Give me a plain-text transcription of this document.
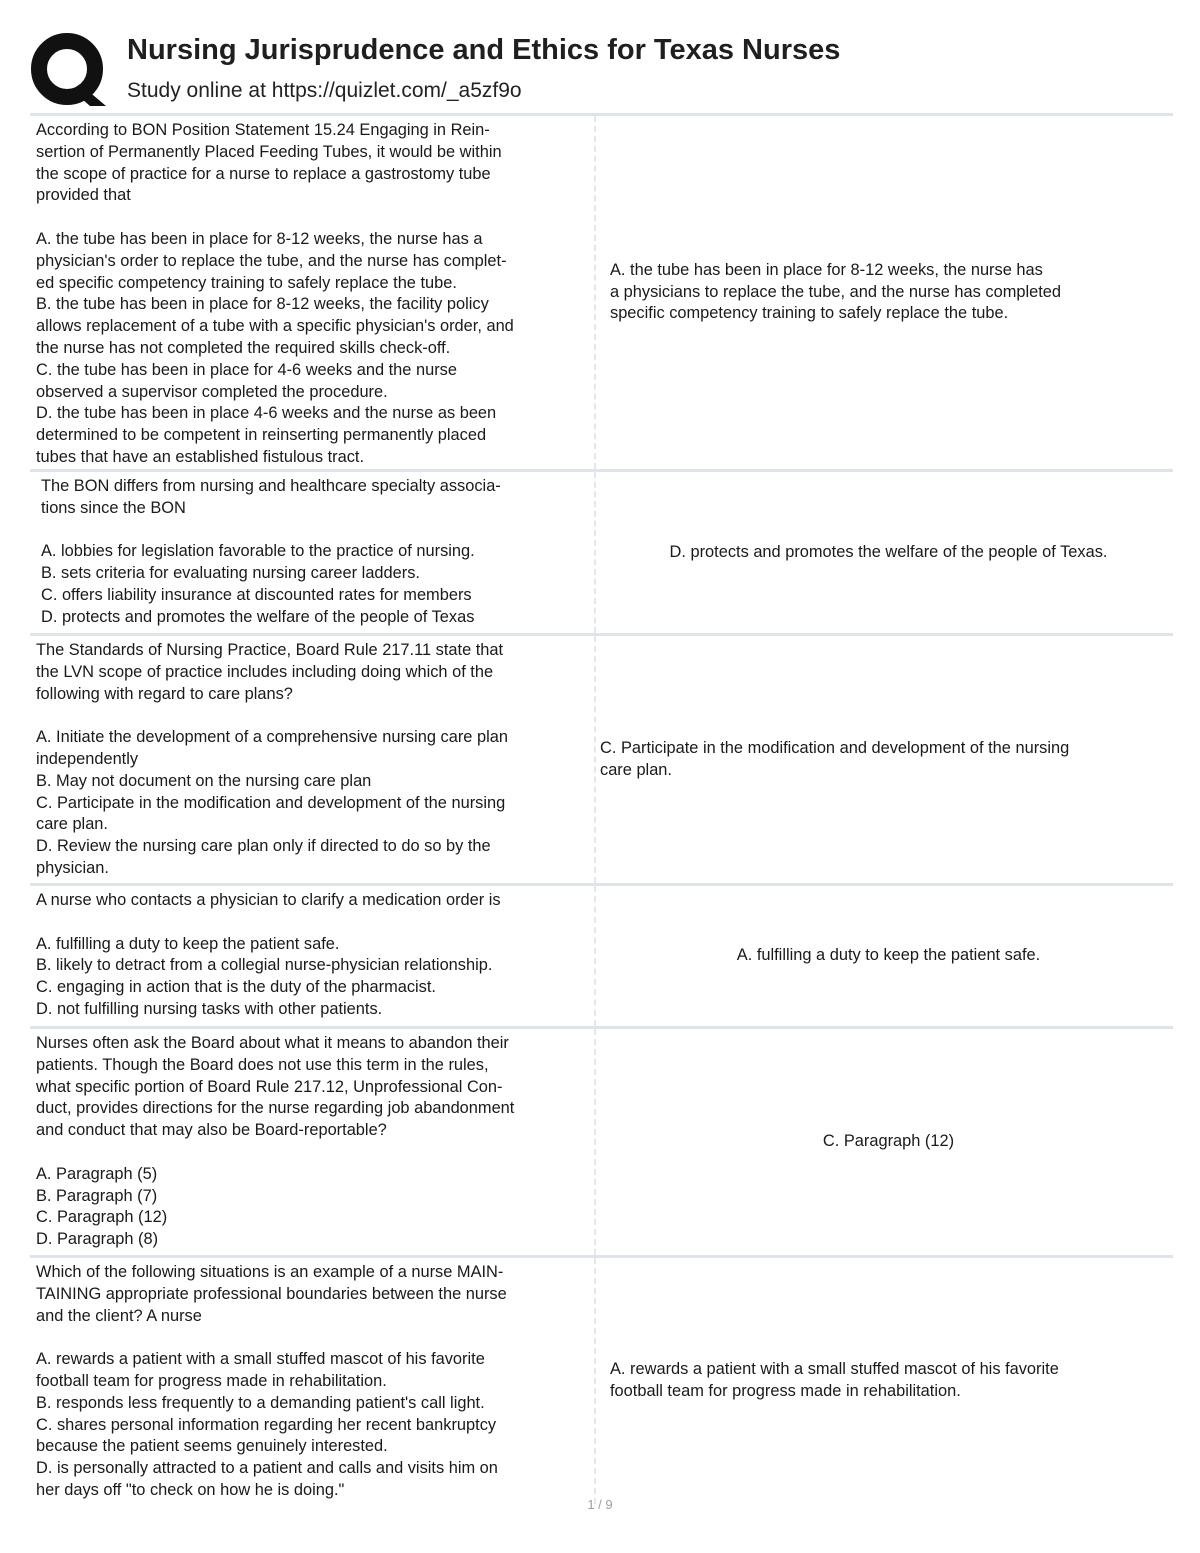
Nursing Jurisprudence and Ethics for Texas Nurses
Study online at https://quizlet.com/_a5zf9o
According to BON Position Statement 15.24 Engaging in Rein-
sertion of Permanently Placed Feeding Tubes, it would be within
the scope of practice for a nurse to replace a gastrostomy tube
provided that

A. the tube has been in place for 8-12 weeks, the nurse has a
physician's order to replace the tube, and the nurse has complet-
ed specific competency training to safely replace the tube.
B. the tube has been in place for 8-12 weeks, the facility policy
allows replacement of a tube with a specific physician's order, and
the nurse has not completed the required skills check-off.
C. the tube has been in place for 4-6 weeks and the nurse
observed a supervisor completed the procedure.
D. the tube has been in place 4-6 weeks and the nurse as been
determined to be competent in reinserting permanently placed
tubes that have an established fistulous tract.
A. the tube has been in place for 8-12 weeks, the nurse has
a physicians to replace the tube, and the nurse has completed
specific competency training to safely replace the tube.
The BON differs from nursing and healthcare specialty associa-
tions since the BON

A. lobbies for legislation favorable to the practice of nursing.
B. sets criteria for evaluating nursing career ladders.
C. offers liability insurance at discounted rates for members
D. protects and promotes the welfare of the people of Texas
D. protects and promotes the welfare of the people of Texas.
The Standards of Nursing Practice, Board Rule 217.11 state that
the LVN scope of practice includes including doing which of the
following with regard to care plans?

A. Initiate the development of a comprehensive nursing care plan
independently
B. May not document on the nursing care plan
C. Participate in the modification and development of the nursing
care plan.
D. Review the nursing care plan only if directed to do so by the
physician.
C. Participate in the modification and development of the nursing
care plan.
A nurse who contacts a physician to clarify a medication order is

A. fulfilling a duty to keep the patient safe.
B. likely to detract from a collegial nurse-physician relationship.
C. engaging in action that is the duty of the pharmacist.
D. not fulfilling nursing tasks with other patients.
A. fulfilling a duty to keep the patient safe.
Nurses often ask the Board about what it means to abandon their
patients. Though the Board does not use this term in the rules,
what specific portion of Board Rule 217.12, Unprofessional Con-
duct, provides directions for the nurse regarding job abandonment
and conduct that may also be Board-reportable?

A. Paragraph (5)
B. Paragraph (7)
C. Paragraph (12)
D. Paragraph (8)
C. Paragraph (12)
Which of the following situations is an example of a nurse MAIN-
TAINING appropriate professional boundaries between the nurse
and the client? A nurse

A. rewards a patient with a small stuffed mascot of his favorite
football team for progress made in rehabilitation.
B. responds less frequently to a demanding patient's call light.
C. shares personal information regarding her recent bankruptcy
because the patient seems genuinely interested.
D. is personally attracted to a patient and calls and visits him on
her days off "to check on how he is doing."
A. rewards a patient with a small stuffed mascot of his favorite
football team for progress made in rehabilitation.
1 / 9
